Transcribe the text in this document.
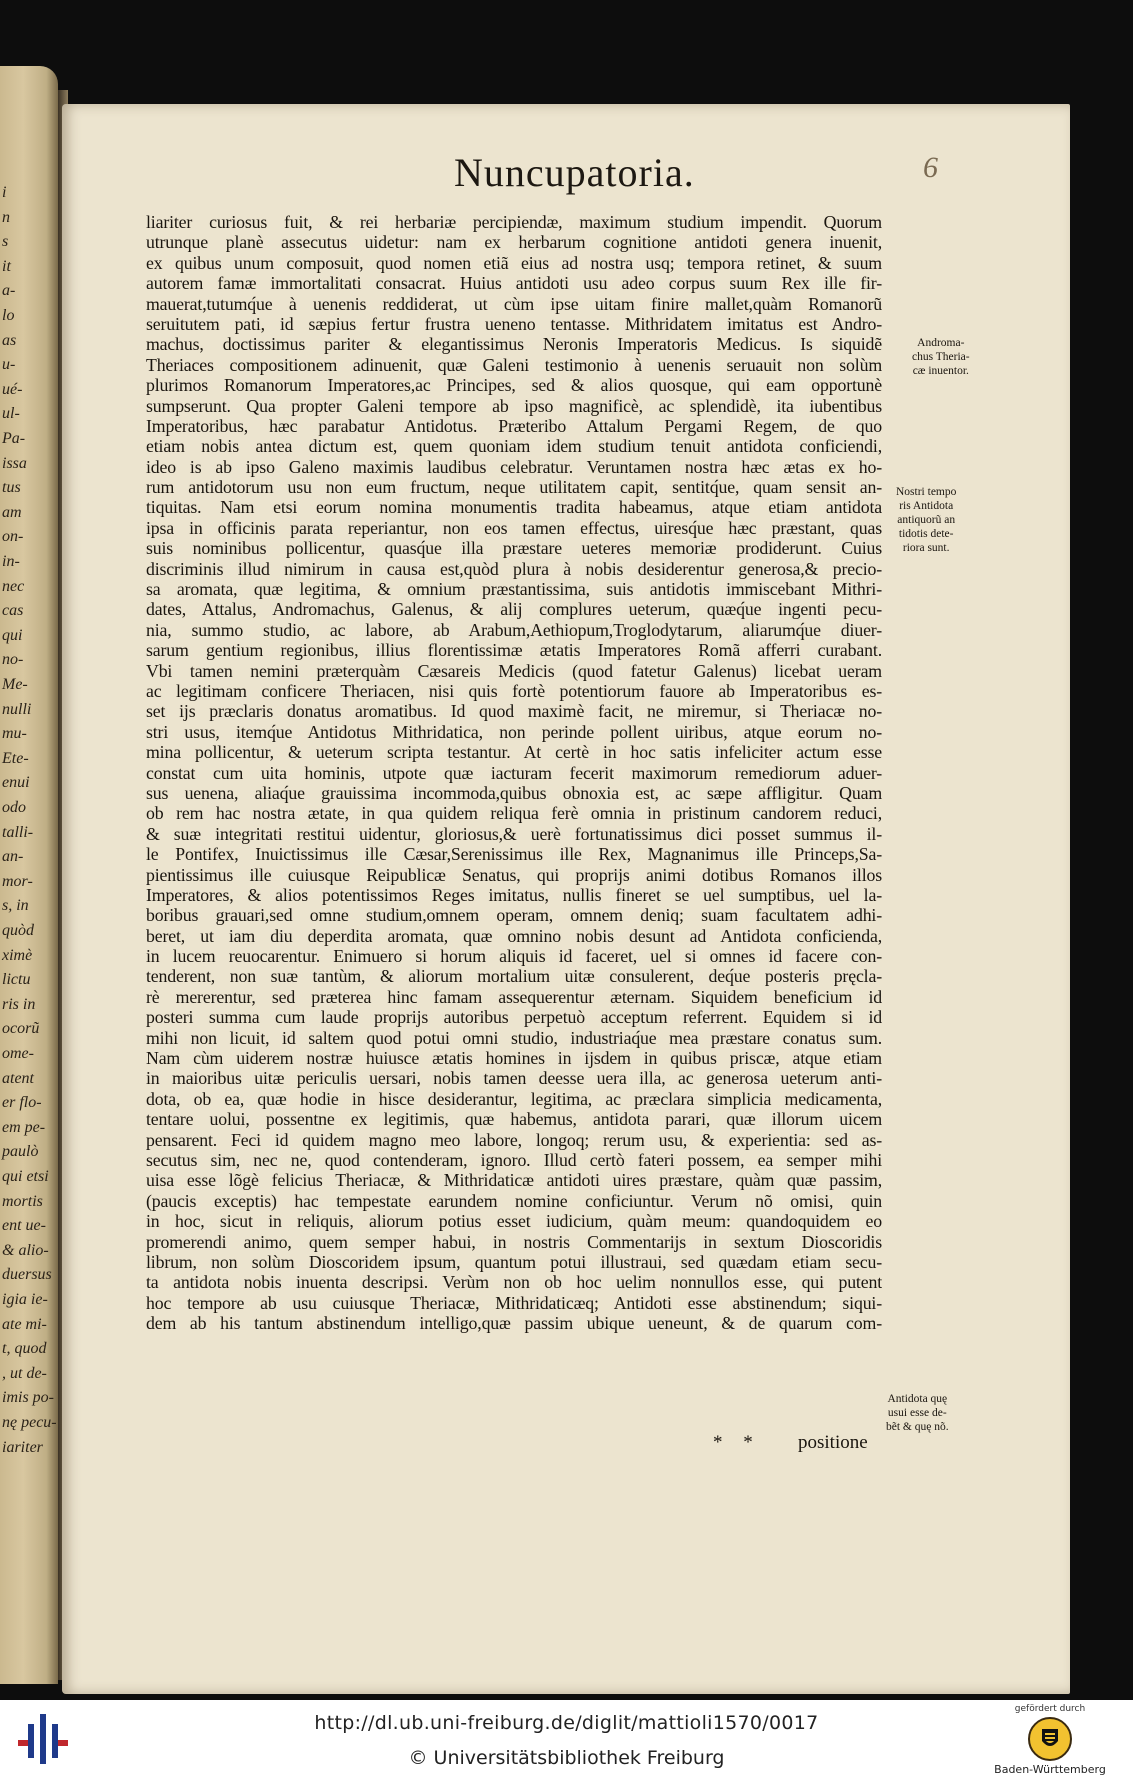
i
n
s
it
a-
lo
as
u-
ué-
ul-
Pa-
issa
tus
am
on-
in-
nec
cas
qui
no-
Me-
nulli
mu-
Ete-
enui
odo
talli-
an-
mor-
s, in
quòd
ximè
lictu
ris in
ocorũ
ome-
atent
er flo-
em pe-
paulò
qui etsi
mortis
ent ue-
& alio-
duersus
igia ie-
ate mi-
t, quod
, ut de-
imis po-
nę pecu-
iariter
Nuncupatoria.	6
liariter curiosus fuit, & rei herbariæ percipiendæ, maximum studium impendit. Quorum
utrunque planè assecutus uidetur: nam ex herbarum cognitione antidoti genera inuenit,
ex quibus unum composuit, quod nomen etiã eius ad nostra usq; tempora retinet, & suum
autorem famæ immortalitati consacrat. Huius antidoti usu adeo corpus suum Rex ille fir-
mauerat,tutumq́ue à uenenis reddiderat, ut cùm ipse uitam finire mallet,quàm Romanorũ
seruitutem pati, id sæpius fertur frustra ueneno tentasse. Mithridatem imitatus est Andro-
machus, doctissimus pariter & elegantissimus Neronis Imperatoris Medicus. Is siquidẽ
Theriaces compositionem adinuenit, quæ Galeni testimonio à uenenis seruauit non solùm
plurimos Romanorum Imperatores,ac Principes, sed & alios quosque, qui eam opportunè
sumpserunt. Qua propter Galeni tempore ab ipso magnificè, ac splendidè, ita iubentibus
Imperatoribus, hæc parabatur Antidotus. Præteribo Attalum Pergami Regem, de quo
etiam nobis antea dictum est, quem quoniam idem studium tenuit antidota conficiendi,
ideo is ab ipso Galeno maximis laudibus celebratur. Veruntamen nostra hæc ætas ex ho-
rum antidotorum usu non eum fructum, neque utilitatem capit, sentitq́ue, quam sensit an-
tiquitas. Nam etsi eorum nomina monumentis tradita habeamus, atque etiam antidota
ipsa in officinis parata reperiantur, non eos tamen effectus, uiresq́ue hæc præstant, quas
suis nominibus pollicentur, quasq́ue illa præstare ueteres memoriæ prodiderunt. Cuius
discriminis illud nimirum in causa est,quòd plura à nobis desiderentur generosa,& precio-
sa aromata, quæ legitima, & omnium præstantissima, suis antidotis immiscebant Mithri-
dates, Attalus, Andromachus, Galenus, & alij complures ueterum, quæq́ue ingenti pecu-
nia, summo studio, ac labore, ab Arabum,Aethiopum,Troglodytarum, aliarumq́ue diuer-
sarum gentium regionibus, illius florentissimæ ætatis Imperatores Romã afferri curabant.
Vbi tamen nemini præterquàm Cæsareis Medicis (quod fatetur Galenus) licebat ueram
ac legitimam conficere Theriacen, nisi quis fortè potentiorum fauore ab Imperatoribus es-
set ijs præclaris donatus aromatibus. Id quod maximè facit, ne miremur, si Theriacæ no-
stri usus, itemq́ue Antidotus Mithridatica, non perinde pollent uiribus, atque eorum no-
mina pollicentur, & ueterum scripta testantur. At certè in hoc satis infeliciter actum esse
constat cum uita hominis, utpote quæ iacturam fecerit maximorum remediorum aduer-
sus uenena, aliaq́ue grauissima incommoda,quibus obnoxia est, ac sæpe affligitur. Quam
ob rem hac nostra ætate, in qua quidem reliqua ferè omnia in pristinum candorem reduci,
& suæ integritati restitui uidentur, gloriosus,& uerè fortunatissimus dici posset summus il-
le Pontifex, Inuictissimus ille Cæsar,Serenissimus ille Rex, Magnanimus ille Princeps,Sa-
pientissimus ille cuiusque Reipublicæ Senatus, qui proprijs animi dotibus Romanos illos
Imperatores, & alios potentissimos Reges imitatus, nullis fineret se uel sumptibus, uel la-
boribus grauari,sed omne studium,omnem operam, omnem deniq; suam facultatem adhi-
beret, ut iam diu deperdita aromata, quæ omnino nobis desunt ad Antidota conficienda,
in lucem reuocarentur. Enimuero si horum aliquis id faceret, uel si omnes id facere con-
tenderent, non suæ tantùm, & aliorum mortalium uitæ consulerent, deq́ue posteris pręcla-
rè mererentur, sed præterea hinc famam assequerentur æternam. Siquidem beneficium id
posteri summa cum laude proprijs autoribus perpetuò acceptum referrent. Equidem si id
mihi non licuit, id saltem quod potui omni studio, industriaq́ue mea præstare conatus sum.
Nam cùm uiderem nostræ huiusce ætatis homines in ijsdem in quibus priscæ, atque etiam
in maioribus uitæ periculis uersari, nobis tamen deesse uera illa, ac generosa ueterum anti-
dota, ob ea, quæ hodie in hisce desiderantur, legitima, ac præclara simplicia medicamenta,
tentare uolui, possentne ex legitimis, quæ habemus, antidota parari, quæ illorum uicem
pensarent. Feci id quidem magno meo labore, longoq; rerum usu, & experientia: sed as-
secutus sim, nec ne, quod contenderam, ignoro. Illud certò fateri possem, ea semper mihi
uisa esse lõgè felicius Theriacæ, & Mithridaticæ antidoti uires præstare, quàm quæ passim,
(paucis exceptis) hac tempestate earundem nomine conficiuntur. Verum nõ omisi, quin
in hoc, sicut in reliquis, aliorum potius esset iudicium, quàm meum: quandoquidem eo
promerendi animo, quem semper habui, in nostris Commentarijs in sextum Dioscoridis
librum, non solùm Dioscoridem ipsum, quantum potui illustraui, sed quædam etiam secu-
ta antidota nobis inuenta descripsi. Verùm non ob hoc uelim nonnullos esse, qui putent
hoc tempore ab usu cuiusque Theriacæ, Mithridaticæq; Antidoti esse abstinendum; siqui-
dem ab his tantum abstinendum intelligo,quæ passim ubique ueneunt, & de quarum com-
Androma-
chus Theria-
cæ inuentor.
Nostri tempo
ris Antidota
antiquorũ an
tidotis dete-
riora sunt.
Antidota quę
usui esse de-
bẽt & quę nõ.
* * positione
http://dl.ub.uni-freiburg.de/diglit/mattioli1570/0017
© Universitätsbibliothek Freiburg
gefördert durch
Baden-Württemberg
